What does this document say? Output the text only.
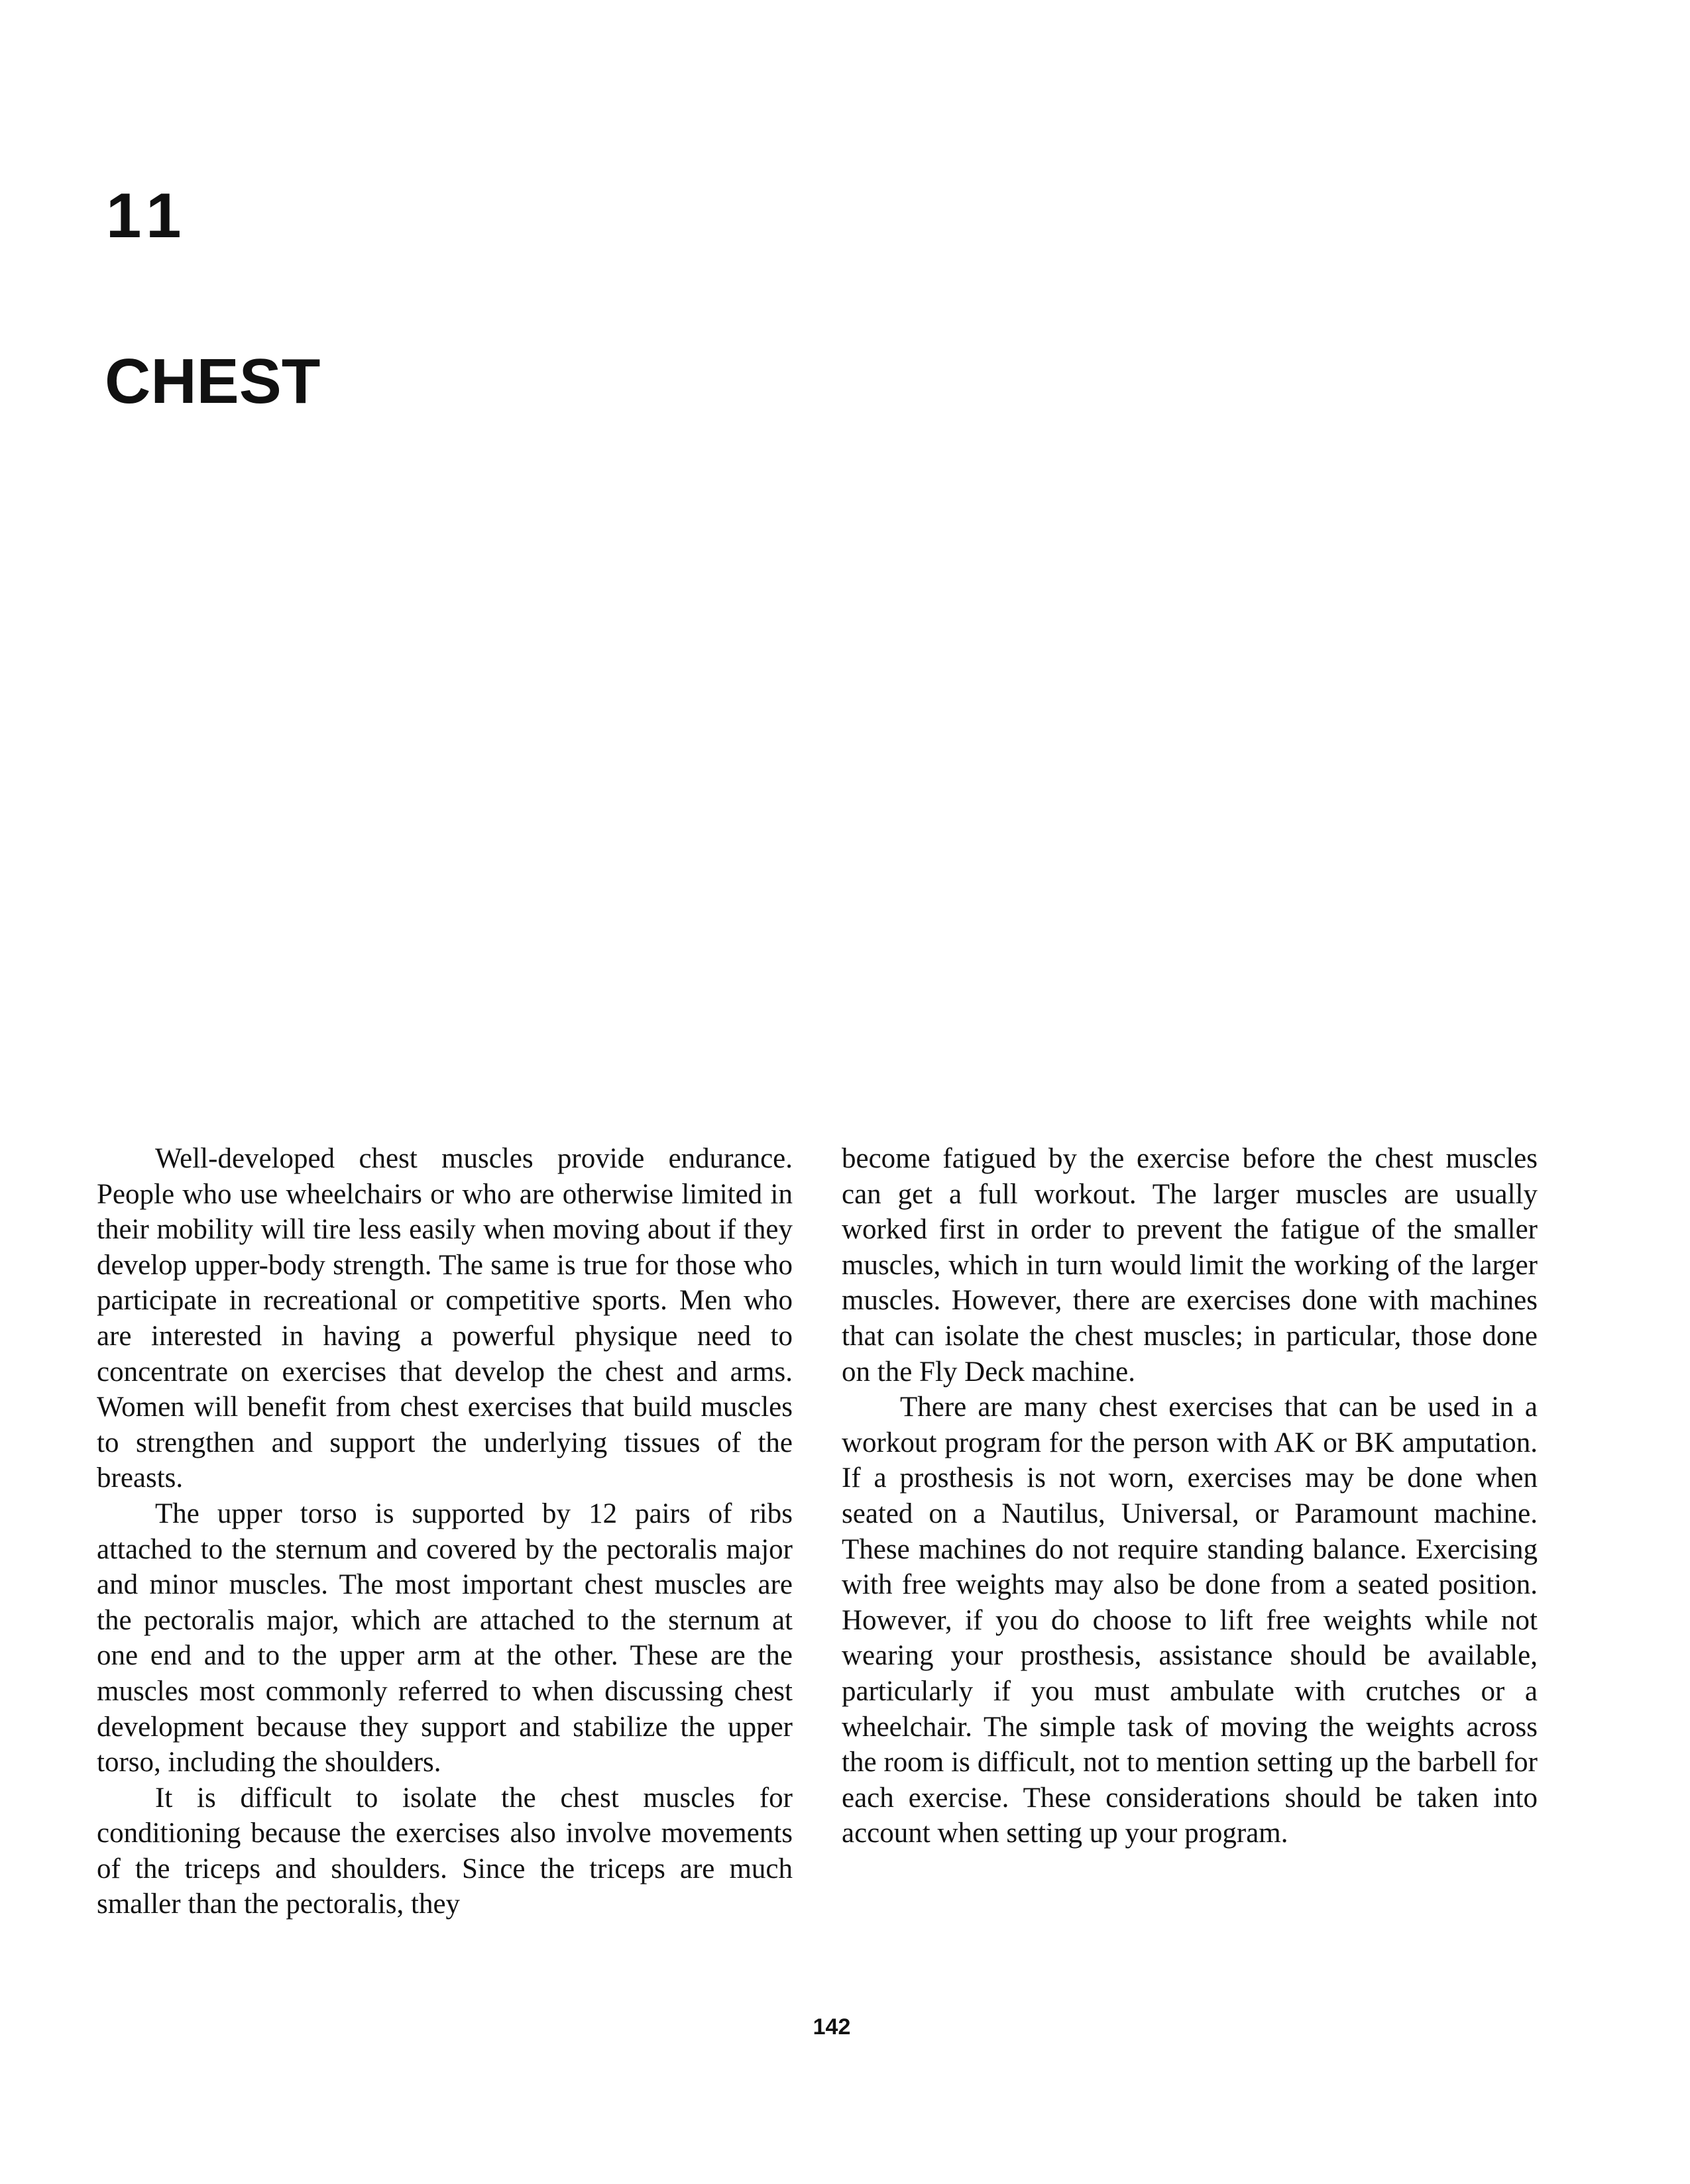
11
CHEST

Well-developed chest muscles provide endurance. People who use wheelchairs or who are otherwise limited in their mobility will tire less easily when moving about if they develop upper-body strength. The same is true for those who participate in recreational or competitive sports. Men who are interested in having a powerful physique need to concentrate on exercises that develop the chest and arms. Women will benefit from chest exercises that build muscles to strengthen and support the underlying tissues of the breasts.

The upper torso is supported by 12 pairs of ribs attached to the sternum and covered by the pectoralis major and minor muscles. The most important chest muscles are the pectoralis major, which are attached to the sternum at one end and to the upper arm at the other. These are the muscles most commonly referred to when discussing chest development because they support and stabilize the upper torso, including the shoulders.

It is difficult to isolate the chest muscles for conditioning because the exercises also involve movements of the triceps and shoulders. Since the triceps are much smaller than the pectoralis, they

become fatigued by the exercise before the chest muscles can get a full workout. The larger muscles are usually worked first in order to prevent the fatigue of the smaller muscles, which in turn would limit the working of the larger muscles. However, there are exercises done with machines that can isolate the chest muscles; in particular, those done on the Fly Deck machine.

There are many chest exercises that can be used in a workout program for the person with AK or BK amputation. If a prosthesis is not worn, exercises may be done when seated on a Nautilus, Universal, or Paramount machine. These machines do not require standing balance. Exercising with free weights may also be done from a seated position. However, if you do choose to lift free weights while not wearing your prosthesis, assistance should be available, particularly if you must ambulate with crutches or a wheelchair. The simple task of moving the weights across the room is difficult, not to mention setting up the barbell for each exercise. These considerations should be taken into account when setting up your program.

142
